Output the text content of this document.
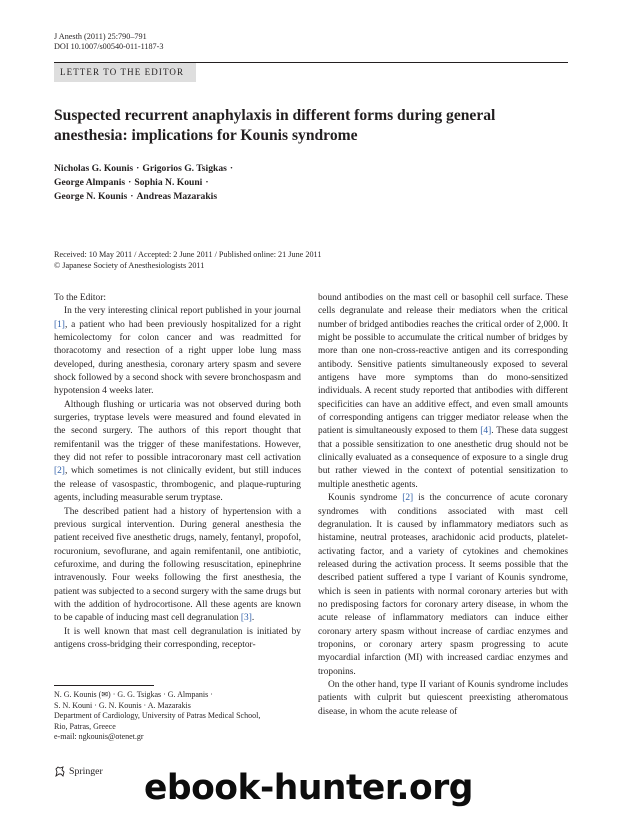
J Anesth (2011) 25:790–791
DOI 10.1007/s00540-011-1187-3
LETTER TO THE EDITOR
Suspected recurrent anaphylaxis in different forms during general anesthesia: implications for Kounis syndrome
Nicholas G. Kounis · Grigorios G. Tsigkas ·
George Almpanis · Sophia N. Kouni ·
George N. Kounis · Andreas Mazarakis
Received: 10 May 2011 / Accepted: 2 June 2011 / Published online: 21 June 2011
© Japanese Society of Anesthesiologists 2011

To the Editor:

In the very interesting clinical report published in your journal [1], a patient who had been previously hospitalized for a right hemicolectomy for colon cancer and was readmitted for thoracotomy and resection of a right upper lobe lung mass developed, during anesthesia, coronary artery spasm and severe shock followed by a second shock with severe bronchospasm and hypotension 4 weeks later.

Although flushing or urticaria was not observed during both surgeries, tryptase levels were measured and found elevated in the second surgery. The authors of this report thought that remifentanil was the trigger of these manifestations. However, they did not refer to possible intracoronary mast cell activation [2], which sometimes is not clinically evident, but still induces the release of vasospastic, thrombogenic, and plaque-rupturing agents, including measurable serum tryptase.

The described patient had a history of hypertension with a previous surgical intervention. During general anesthesia the patient received five anesthetic drugs, namely, fentanyl, propofol, rocuronium, sevoflurane, and again remifentanil, one antibiotic, cefuroxime, and during the following resuscitation, epinephrine intravenously. Four weeks following the first anesthesia, the patient was subjected to a second surgery with the same drugs but with the addition of hydrocortisone. All these agents are known to be capable of inducing mast cell degranulation [3].

It is well known that mast cell degranulation is initiated by antigens cross-bridging their corresponding, receptor-

bound antibodies on the mast cell or basophil cell surface. These cells degranulate and release their mediators when the critical number of bridged antibodies reaches the critical order of 2,000. It might be possible to accumulate the critical number of bridges by more than one non-cross-reactive antigen and its corresponding antibody. Sensitive patients simultaneously exposed to several antigens have more symptoms than do mono-sensitized individuals. A recent study reported that antibodies with different specificities can have an additive effect, and even small amounts of corresponding antigens can trigger mediator release when the patient is simultaneously exposed to them [4]. These data suggest that a possible sensitization to one anesthetic drug should not be clinically evaluated as a consequence of exposure to a single drug but rather viewed in the context of potential sensitization to multiple anesthetic agents.

Kounis syndrome [2] is the concurrence of acute coronary syndromes with conditions associated with mast cell degranulation. It is caused by inflammatory mediators such as histamine, neutral proteases, arachidonic acid products, platelet-activating factor, and a variety of cytokines and chemokines released during the activation process. It seems possible that the described patient suffered a type I variant of Kounis syndrome, which is seen in patients with normal coronary arteries but with no predisposing factors for coronary artery disease, in whom the acute release of inflammatory mediators can induce either coronary artery spasm without increase of cardiac enzymes and troponins, or coronary artery spasm progressing to acute myocardial infarction (MI) with increased cardiac enzymes and troponins.

On the other hand, type II variant of Kounis syndrome includes patients with culprit but quiescent preexisting atheromatous disease, in whom the acute release of

N. G. Kounis (✉) · G. G. Tsigkas · G. Almpanis ·
S. N. Kouni · G. N. Kounis · A. Mazarakis
Department of Cardiology, University of Patras Medical School,
Rio, Patras, Greece
e-mail: ngkounis@otenet.gr
Springer ebook-hunter.org
